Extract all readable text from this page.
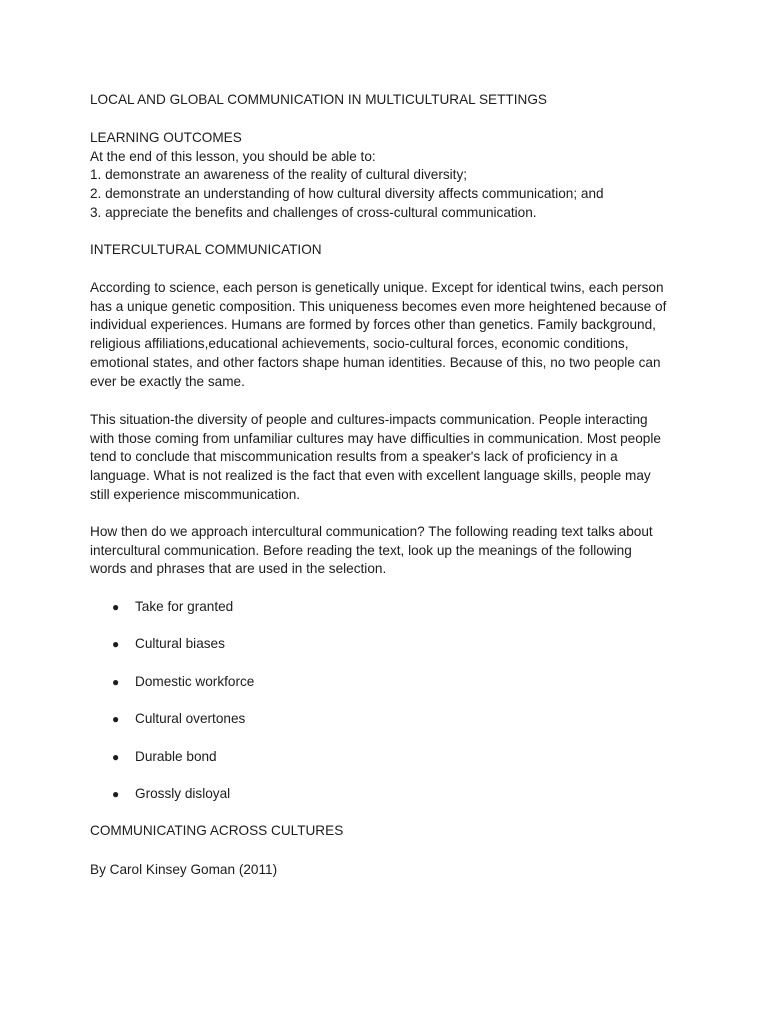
LOCAL AND GLOBAL COMMUNICATION IN MULTICULTURAL SETTINGS

LEARNING OUTCOMES
At the end of this lesson, you should be able to:
1. demonstrate an awareness of the reality of cultural diversity;
2. demonstrate an understanding of how cultural diversity affects communication; and
3. appreciate the benefits and challenges of cross-cultural communication.

INTERCULTURAL COMMUNICATION

According to science, each person is genetically unique. Except for identical twins, each person
has a unique genetic composition. This uniqueness becomes even more heightened because of
individual experiences. Humans are formed by forces other than genetics. Family background,
religious affiliations,educational achievements, socio-cultural forces, economic conditions,
emotional states, and other factors shape human identities. Because of this, no two people can
ever be exactly the same.

This situation-the diversity of people and cultures-impacts communication. People interacting
with those coming from unfamiliar cultures may have difficulties in communication. Most people
tend to conclude that miscommunication results from a speaker's lack of proficiency in a
language. What is not realized is the fact that even with excellent language skills, people may
still experience miscommunication.

How then do we approach intercultural communication? The following reading text talks about
intercultural communication. Before reading the text, look up the meanings of the following
words and phrases that are used in the selection.

● Take for granted
● Cultural biases
● Domestic workforce
● Cultural overtones
● Durable bond
● Grossly disloyal

COMMUNICATING ACROSS CULTURES

By Carol Kinsey Goman (2011)
